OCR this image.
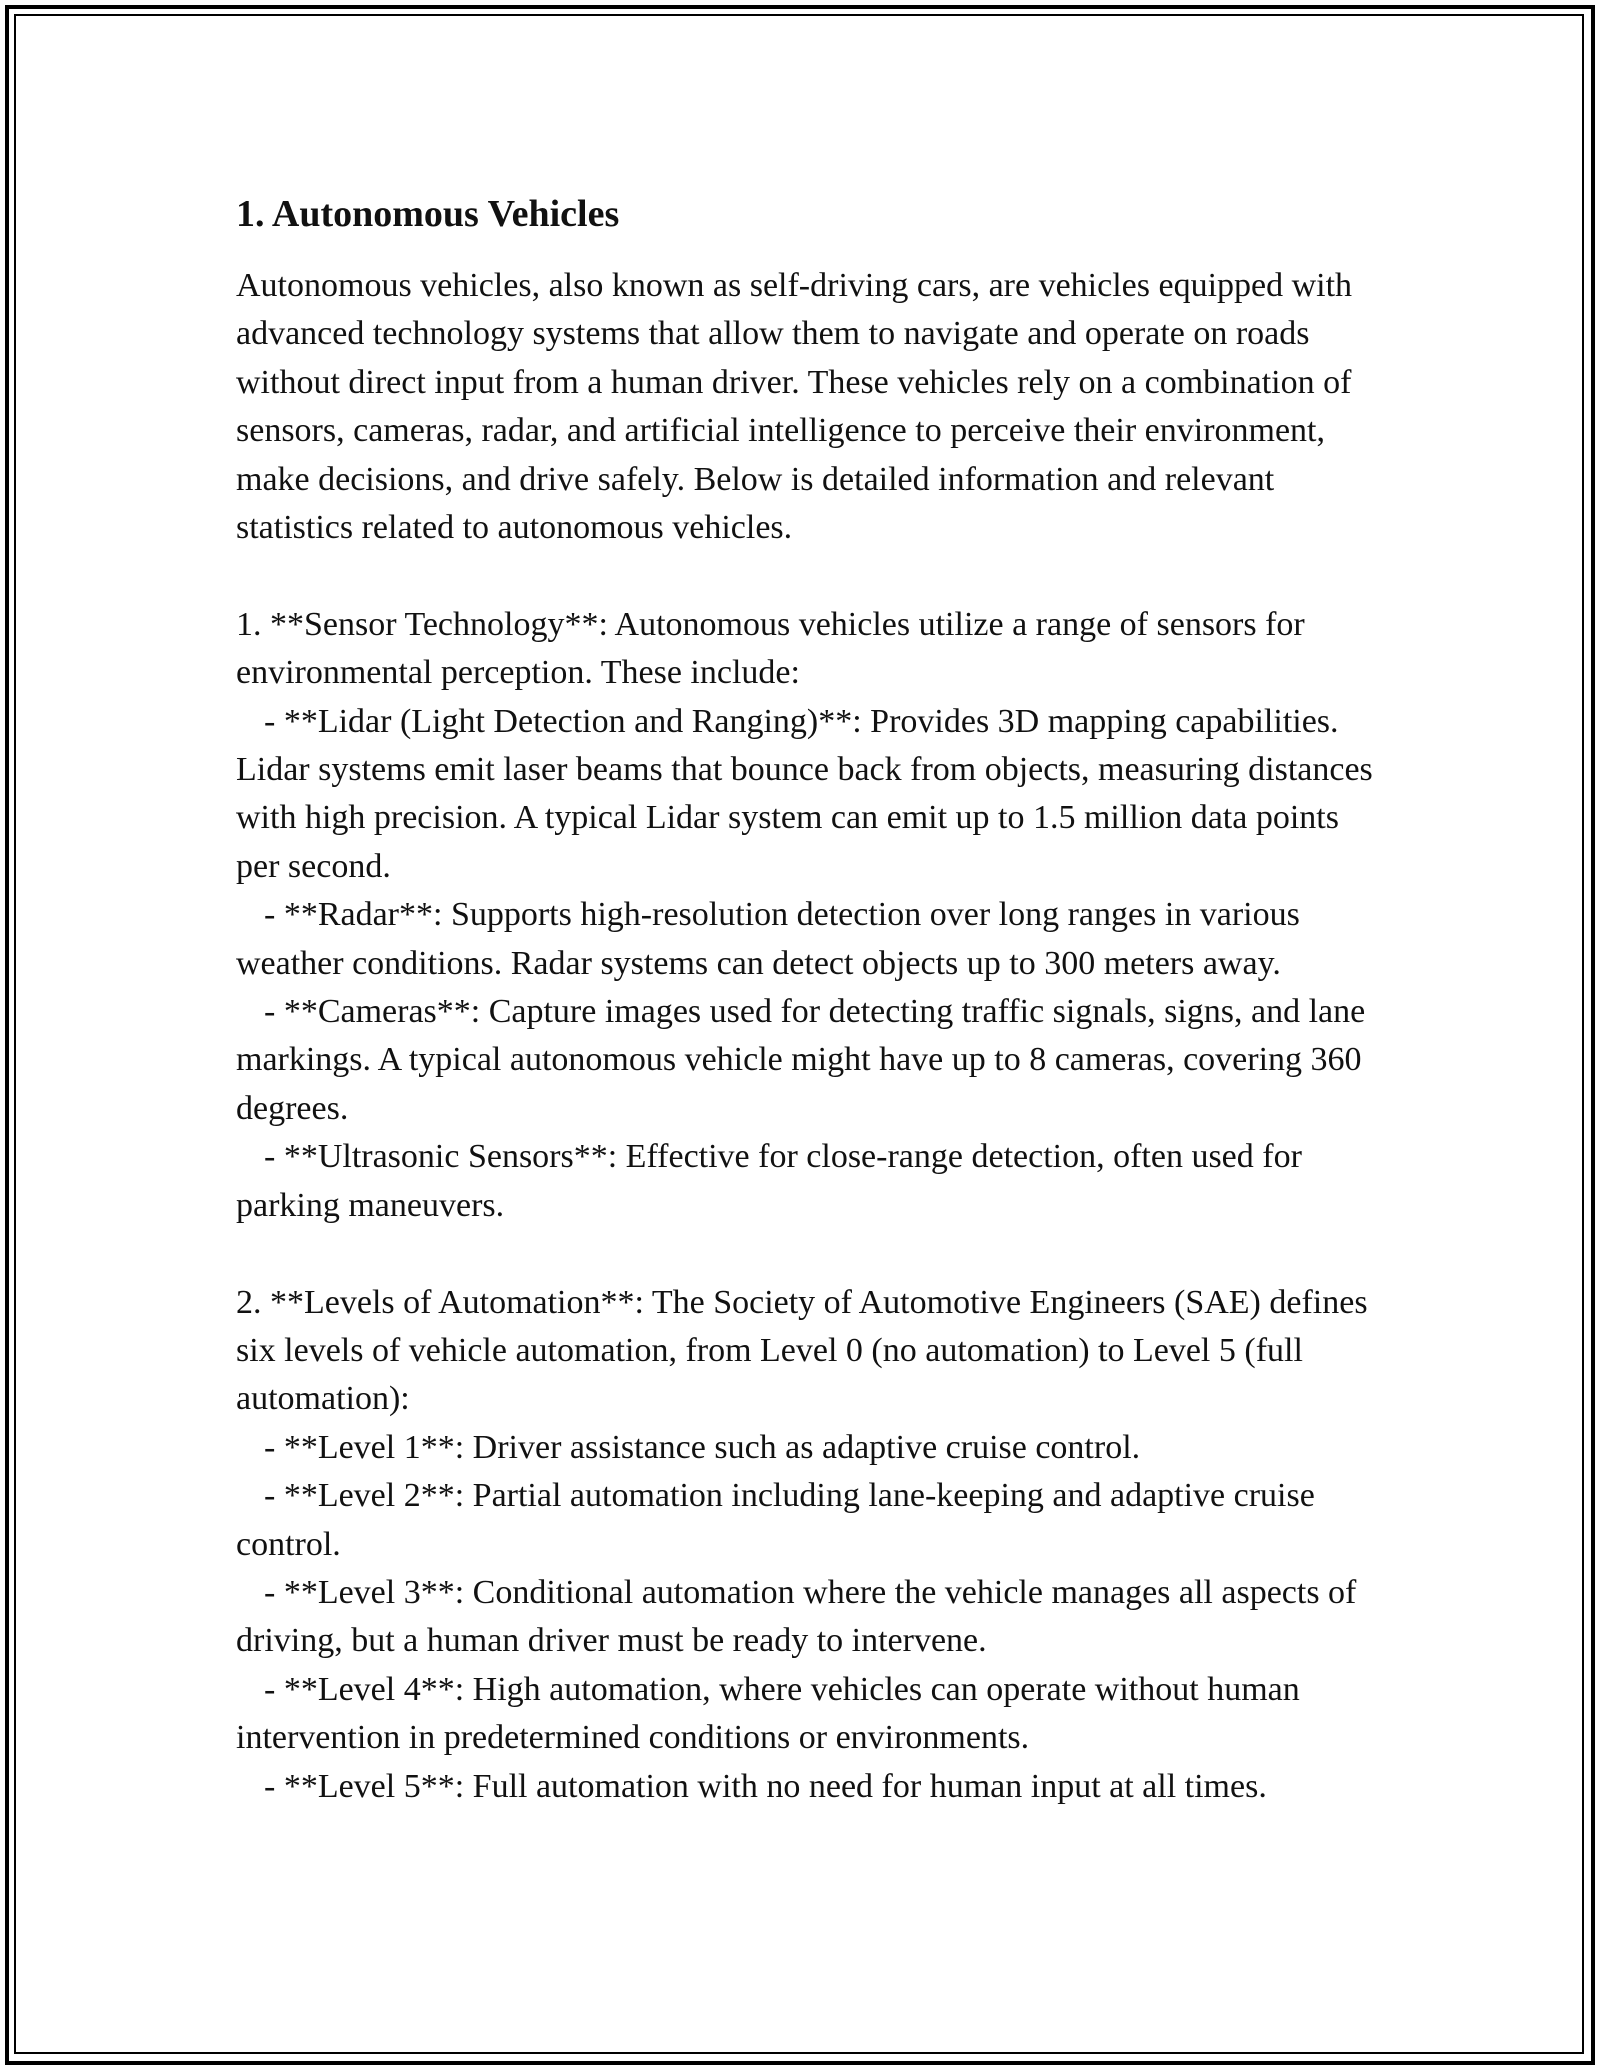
1. Autonomous Vehicles

Autonomous vehicles, also known as self-driving cars, are vehicles equipped with advanced technology systems that allow them to navigate and operate on roads without direct input from a human driver. These vehicles rely on a combination of sensors, cameras, radar, and artificial intelligence to perceive their environment, make decisions, and drive safely. Below is detailed information and relevant statistics related to autonomous vehicles.

1. **Sensor Technology**: Autonomous vehicles utilize a range of sensors for environmental perception. These include:

- **Lidar (Light Detection and Ranging)**: Provides 3D mapping capabilities. Lidar systems emit laser beams that bounce back from objects, measuring distances with high precision. A typical Lidar system can emit up to 1.5 million data points per second.

- **Radar**: Supports high-resolution detection over long ranges in various weather conditions. Radar systems can detect objects up to 300 meters away.

- **Cameras**: Capture images used for detecting traffic signals, signs, and lane markings. A typical autonomous vehicle might have up to 8 cameras, covering 360 degrees.

- **Ultrasonic Sensors**: Effective for close-range detection, often used for parking maneuvers.

2. **Levels of Automation**: The Society of Automotive Engineers (SAE) defines six levels of vehicle automation, from Level 0 (no automation) to Level 5 (full automation):

- **Level 1**: Driver assistance such as adaptive cruise control.

- **Level 2**: Partial automation including lane-keeping and adaptive cruise control.

- **Level 3**: Conditional automation where the vehicle manages all aspects of driving, but a human driver must be ready to intervene.

- **Level 4**: High automation, where vehicles can operate without human intervention in predetermined conditions or environments.

- **Level 5**: Full automation with no need for human input at all times.
